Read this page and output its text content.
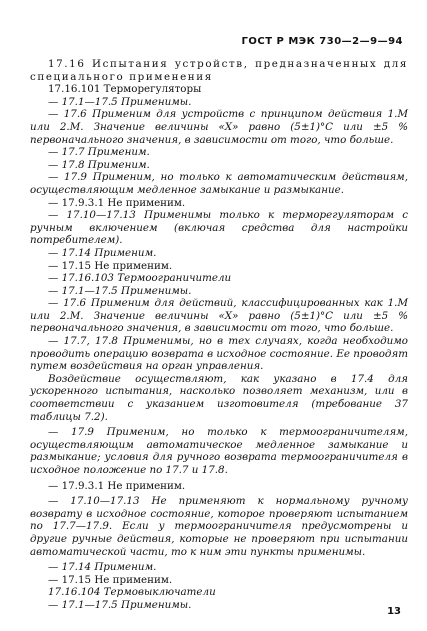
ГОСТ Р МЭК 730—2—9—94

17.16 Испытания устройств, предназначенных для специального применения

17.16.101 Терморегуляторы

— 17.1—17.5 Применимы.

— 17.6 Применим для устройств с принципом действия 1.М или 2.М. Значение величины «X» равно (5±1)°С или ±5 % первоначального значения, в зависимости от того, что больше.

— 17.7 Применим.

— 17.8 Применим.

— 17.9 Применим, но только к автоматическим действиям, осуществляющим медленное замыкание и размыкание.

— 17.9.3.1 Не применим.

— 17.10—17.13 Применимы только к терморегуляторам с ручным включением (включая средства для настройки потребителем).

— 17.14 Применим.

— 17.15 Не применим.

— 17.16.103 Термоограничители

— 17.1—17.5 Применимы.

— 17.6 Применим для действий, классифицированных как 1.М или 2.М. Значение величины «X» равно (5±1)°С или ±5 % первоначального значения, в зависимости от того, что больше.

— 17.7, 17.8 Применимы, но в тех случаях, когда необходимо проводить операцию возврата в исходное состояние. Ее проводят путем воздействия на орган управления.

Воздействие осуществляют, как указано в 17.4 для ускоренного испытания, насколько позволяет механизм, или в соответствии с указанием изготовителя (требование 37 таблицы 7.2).

— 17.9 Применим, но только к термоограничителям, осуществляющим автоматическое медленное замыкание и размыкание; условия для ручного возврата термоограничителя в исходное положение по 17.7 и 17.8.

— 17.9.3.1 Не применим.

— 17.10—17.13 Не применяют к нормальному ручному возврату в исходное состояние, которое проверяют испытанием по 17.7—17.9. Если у термоограничителя предусмотрены и другие ручные действия, которые не проверяют при испытании автоматической части, то к ним эти пункты применимы.

— 17.14 Применим.

— 17.15 Не применим.

17.16.104 Термовыключатели

— 17.1—17.5 Применимы.

13
